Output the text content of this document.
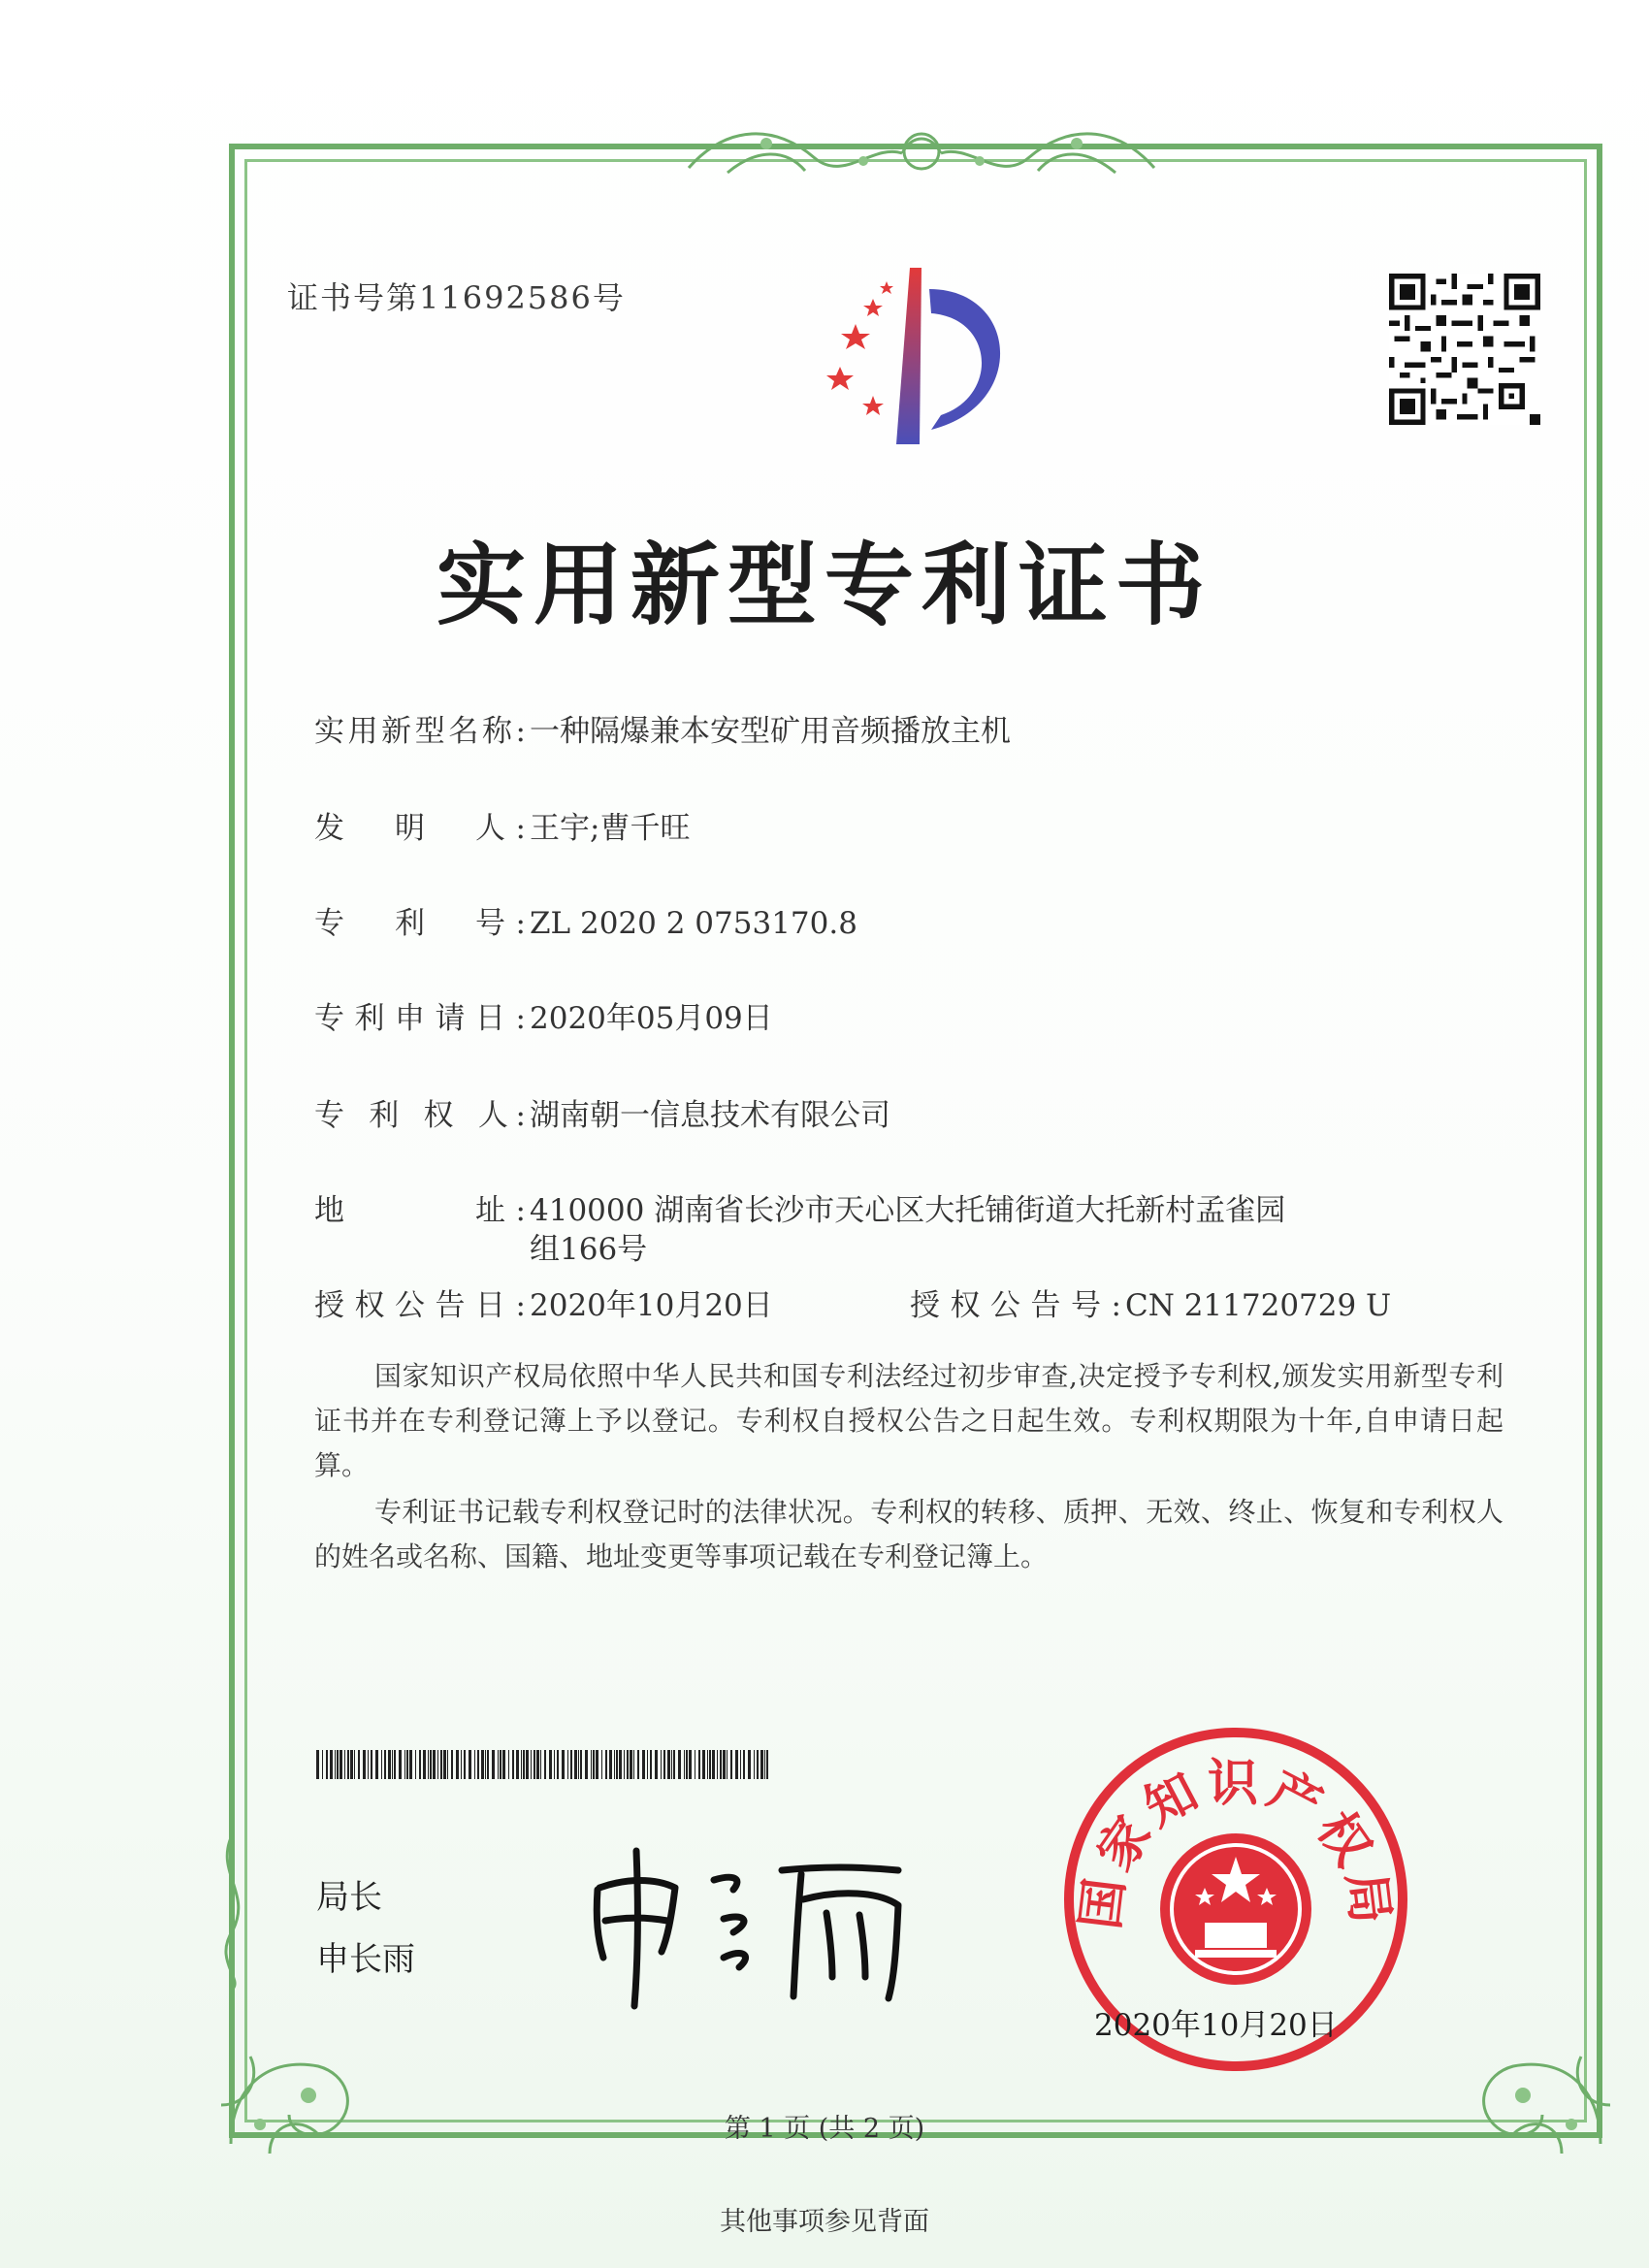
证书号第11692586号
实用新型专利证书
实用新型名称: 一种隔爆兼本安型矿用音频播放主机
发　明　人: 王宇;曹千旺
专　利　号: ZL 2020 2 0753170.8
专利申请日: 2020年05月09日
专 利 权 人: 湖南朝一信息技术有限公司
地　　　址: 410000 湖南省长沙市天心区大托铺街道大托新村孟雀园
组166号
授权公告日: 2020年10月20日	授权公告号: CN 211720729 U
国家知识产权局依照中华人民共和国专利法经过初步审查,决定授予专利权,颁发实用新型专利证书并在专利登记簿上予以登记。专利权自授权公告之日起生效。专利权期限为十年,自申请日起算。
专利证书记载专利权登记时的法律状况。专利权的转移、质押、无效、终止、恢复和专利权人的姓名或名称、国籍、地址变更等事项记载在专利登记簿上。
局长
申长雨
国家知识产权局
2020年10月20日
第 1 页 (共 2 页)
其他事项参见背面
